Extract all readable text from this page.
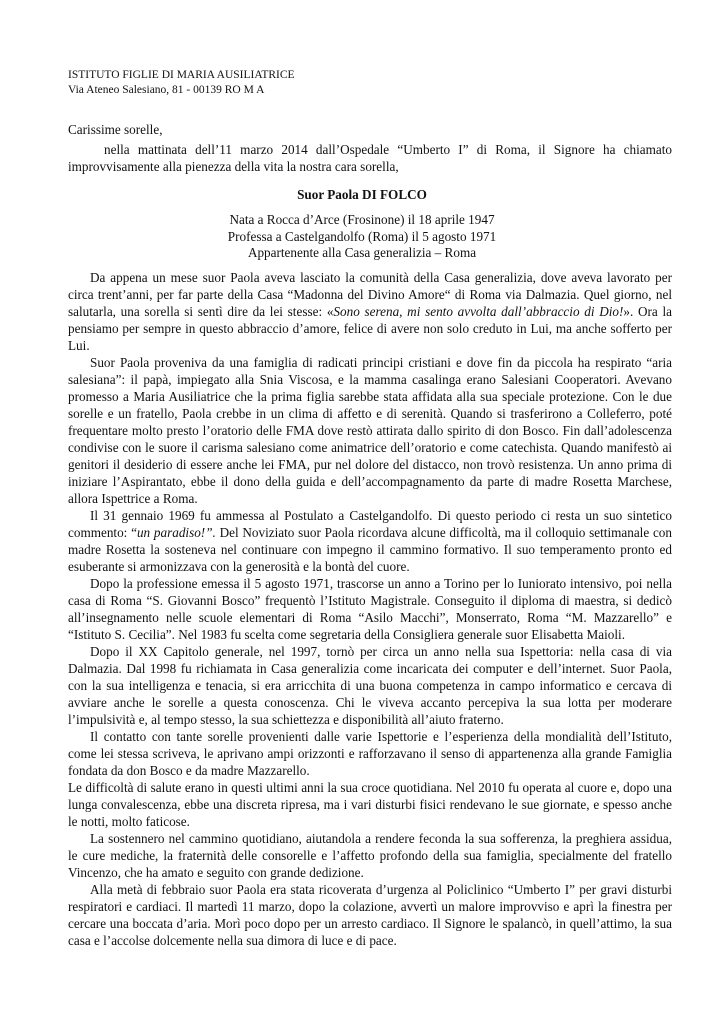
ISTITUTO FIGLIE DI MARIA AUSILIATRICE
Via Ateneo Salesiano, 81 - 00139 RO M A
Carissime sorelle,
nella mattinata dell’11 marzo 2014 dall’Ospedale “Umberto I” di Roma, il Signore ha chiamato improvvisamente alla pienezza della vita la nostra cara sorella,
Suor Paola DI FOLCO
Nata a Rocca d’Arce (Frosinone) il 18 aprile 1947
Professa a Castelgandolfo (Roma) il 5 agosto 1971
Appartenente alla Casa generalizia – Roma

Da appena un mese suor Paola aveva lasciato la comunità della Casa generalizia, dove aveva lavorato per circa trent’anni, per far parte della Casa “Madonna del Divino Amore“ di Roma via Dalmazia. Quel giorno, nel salutarla, una sorella si sentì dire da lei stesse: «Sono serena, mi sento avvolta dall’abbraccio di Dio!». Ora la pensiamo per sempre in questo abbraccio d’amore, felice di avere non solo creduto in Lui, ma anche sofferto per Lui.

Suor Paola proveniva da una famiglia di radicati principi cristiani e dove fin da piccola ha respirato “aria salesiana”: il papà, impiegato alla Snia Viscosa, e la mamma casalinga erano Salesiani Cooperatori. Avevano promesso a Maria Ausiliatrice che la prima figlia sarebbe stata affidata alla sua speciale protezione. Con le due sorelle e un fratello, Paola crebbe in un clima di affetto e di serenità. Quando si trasferirono a Colleferro, poté frequentare molto presto l’oratorio delle FMA dove restò attirata dallo spirito di don Bosco. Fin dall’adolescenza condivise con le suore il carisma salesiano come animatrice dell’oratorio e come catechista. Quando manifestò ai genitori il desiderio di essere anche lei FMA, pur nel dolore del distacco, non trovò resistenza. Un anno prima di iniziare l’Aspirantato, ebbe il dono della guida e dell’accompagnamento da parte di madre Rosetta Marchese, allora Ispettrice a Roma.

Il 31 gennaio 1969 fu ammessa al Postulato a Castelgandolfo. Di questo periodo ci resta un suo sintetico commento: “un paradiso!”. Del Noviziato suor Paola ricordava alcune difficoltà, ma il colloquio settimanale con madre Rosetta la sosteneva nel continuare con impegno il cammino formativo. Il suo temperamento pronto ed esuberante si armonizzava con la generosità e la bontà del cuore.

Dopo la professione emessa il 5 agosto 1971, trascorse un anno a Torino per lo Iuniorato intensivo, poi nella casa di Roma “S. Giovanni Bosco” frequentò l’Istituto Magistrale. Conseguito il diploma di maestra, si dedicò all’insegnamento nelle scuole elementari di Roma “Asilo Macchi”, Monserrato, Roma “M. Mazzarello” e “Istituto S. Cecilia”. Nel 1983 fu scelta come segretaria della Consigliera generale suor Elisabetta Maioli.

Dopo il XX Capitolo generale, nel 1997, tornò per circa un anno nella sua Ispettoria: nella casa di via Dalmazia. Dal 1998 fu richiamata in Casa generalizia come incaricata dei computer e dell’internet. Suor Paola, con la sua intelligenza e tenacia, si era arricchita di una buona competenza in campo informatico e cercava di avviare anche le sorelle a questa conoscenza. Chi le viveva accanto percepiva la sua lotta per moderare l’impulsività e, al tempo stesso, la sua schiettezza e disponibilità all’aiuto fraterno.

Il contatto con tante sorelle provenienti dalle varie Ispettorie e l’esperienza della mondialità dell’Istituto, come lei stessa scriveva, le aprivano ampi orizzonti e rafforzavano il senso di appartenenza alla grande Famiglia fondata da don Bosco e da madre Mazzarello.

Le difficoltà di salute erano in questi ultimi anni la sua croce quotidiana. Nel 2010 fu operata al cuore e, dopo una lunga convalescenza, ebbe una discreta ripresa, ma i vari disturbi fisici rendevano le sue giornate, e spesso anche le notti, molto faticose.

La sostennero nel cammino quotidiano, aiutandola a rendere feconda la sua sofferenza, la preghiera assidua, le cure mediche, la fraternità delle consorelle e l’affetto profondo della sua famiglia, specialmente del fratello Vincenzo, che ha amato e seguito con grande dedizione.

Alla metà di febbraio suor Paola era stata ricoverata d’urgenza al Policlinico “Umberto I” per gravi disturbi respiratori e cardiaci. Il martedì 11 marzo, dopo la colazione, avvertì un malore improvviso e aprì la finestra per cercare una boccata d’aria. Morì poco dopo per un arresto cardiaco. Il Signore le spalancò, in quell’attimo, la sua casa e l’accolse dolcemente nella sua dimora di luce e di pace.
